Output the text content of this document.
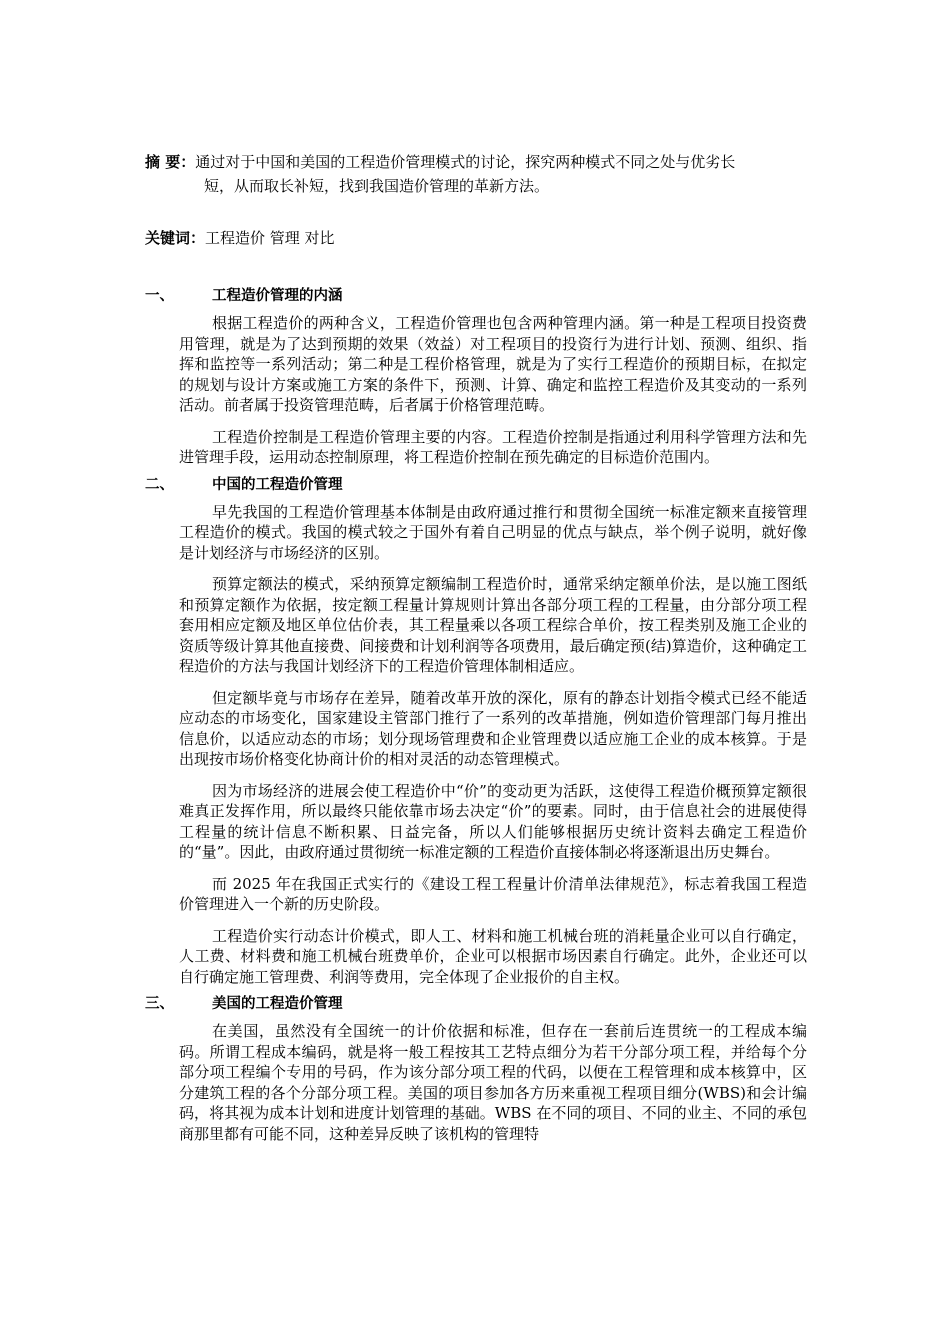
摘 要：通过对于中国和美国的工程造价管理模式的讨论，探究两种模式不同之处与优劣长
短，从而取长补短，找到我国造价管理的革新方法。
关键词：工程造价 管理 对比
一、	工程造价管理的内涵

根据工程造价的两种含义，工程造价管理也包含两种管理内涵。第一种是工程项目投资费用管理，就是为了达到预期的效果（效益）对工程项目的投资行为进行计划、预测、组织、指挥和监控等一系列活动；第二种是工程价格管理，就是为了实行工程造价的预期目标，在拟定的规划与设计方案或施工方案的条件下，预测、计算、确定和监控工程造价及其变动的一系列活动。前者属于投资管理范畴，后者属于价格管理范畴。

工程造价控制是工程造价管理主要的内容。工程造价控制是指通过利用科学管理方法和先进管理手段，运用动态控制原理，将工程造价控制在预先确定的目标造价范围内。

二、	中国的工程造价管理

早先我国的工程造价管理基本体制是由政府通过推行和贯彻全国统一标准定额来直接管理工程造价的模式。我国的模式较之于国外有着自己明显的优点与缺点，举个例子说明，就好像是计划经济与市场经济的区别。

预算定额法的模式，采纳预算定额编制工程造价时，通常采纳定额单价法，是以施工图纸和预算定额作为依据，按定额工程量计算规则计算出各部分项工程的工程量，由分部分项工程套用相应定额及地区单位估价表，其工程量乘以各项工程综合单价，按工程类别及施工企业的资质等级计算其他直接费、间接费和计划利润等各项费用，最后确定预(结)算造价，这种确定工程造价的方法与我国计划经济下的工程造价管理体制相适应。

但定额毕竟与市场存在差异，随着改革开放的深化，原有的静态计划指令模式已经不能适应动态的市场变化，国家建设主管部门推行了一系列的改革措施，例如造价管理部门每月推出信息价，以适应动态的市场；划分现场管理费和企业管理费以适应施工企业的成本核算。于是出现按市场价格变化协商计价的相对灵活的动态管理模式。

因为市场经济的进展会使工程造价中“价”的变动更为活跃，这使得工程造价概预算定额很难真正发挥作用，所以最终只能依靠市场去决定“价”的要素。同时，由于信息社会的进展使得工程量的统计信息不断积累、日益完备，所以人们能够根据历史统计资料去确定工程造价的“量”。因此，由政府通过贯彻统一标准定额的工程造价直接体制必将逐渐退出历史舞台。

而 2025 年在我国正式实行的《建设工程工程量计价清单法律规范》，标志着我国工程造价管理进入一个新的历史阶段。

工程造价实行动态计价模式，即人工、材料和施工机械台班的消耗量企业可以自行确定，人工费、材料费和施工机械台班费单价，企业可以根据市场因素自行确定。此外，企业还可以自行确定施工管理费、利润等费用，完全体现了企业报价的自主权。

三、	美国的工程造价管理

在美国，虽然没有全国统一的计价依据和标准，但存在一套前后连贯统一的工程成本编码。所谓工程成本编码，就是将一般工程按其工艺特点细分为若干分部分项工程，并给每个分部分项工程编个专用的号码，作为该分部分项工程的代码，以便在工程管理和成本核算中，区分建筑工程的各个分部分项工程。美国的项目参加各方历来重视工程项目细分(WBS)和会计编码，将其视为成本计划和进度计划管理的基础。WBS 在不同的项目、不同的业主、不同的承包商那里都有可能不同，这种差异反映了该机构的管理特
